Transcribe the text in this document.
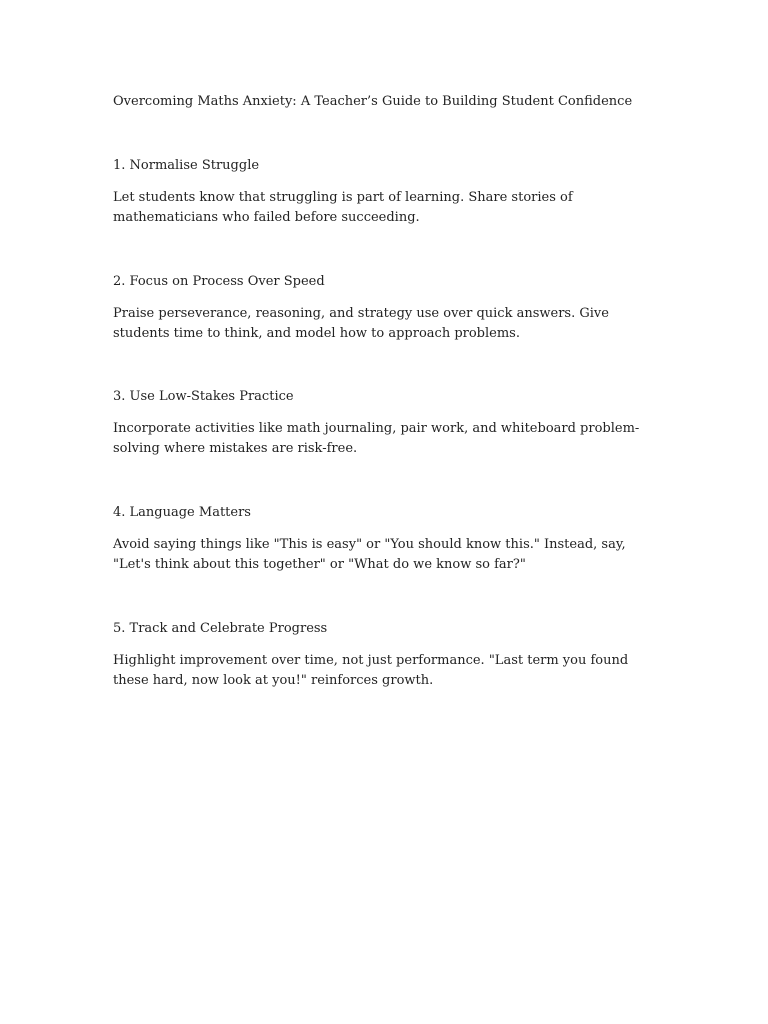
Overcoming Maths Anxiety: A Teacher’s Guide to Building Student Confidence
1. Normalise Struggle

Let students know that struggling is part of learning. Share stories of mathematicians who failed before succeeding.

2. Focus on Process Over Speed

Praise perseverance, reasoning, and strategy use over quick answers. Give students time to think, and model how to approach problems.

3. Use Low-Stakes Practice

Incorporate activities like math journaling, pair work, and whiteboard problem-solving where mistakes are risk-free.

4. Language Matters

Avoid saying things like "This is easy" or "You should know this." Instead, say, "Let's think about this together" or "What do we know so far?"

5. Track and Celebrate Progress

Highlight improvement over time, not just performance. "Last term you found these hard, now look at you!" reinforces growth.
